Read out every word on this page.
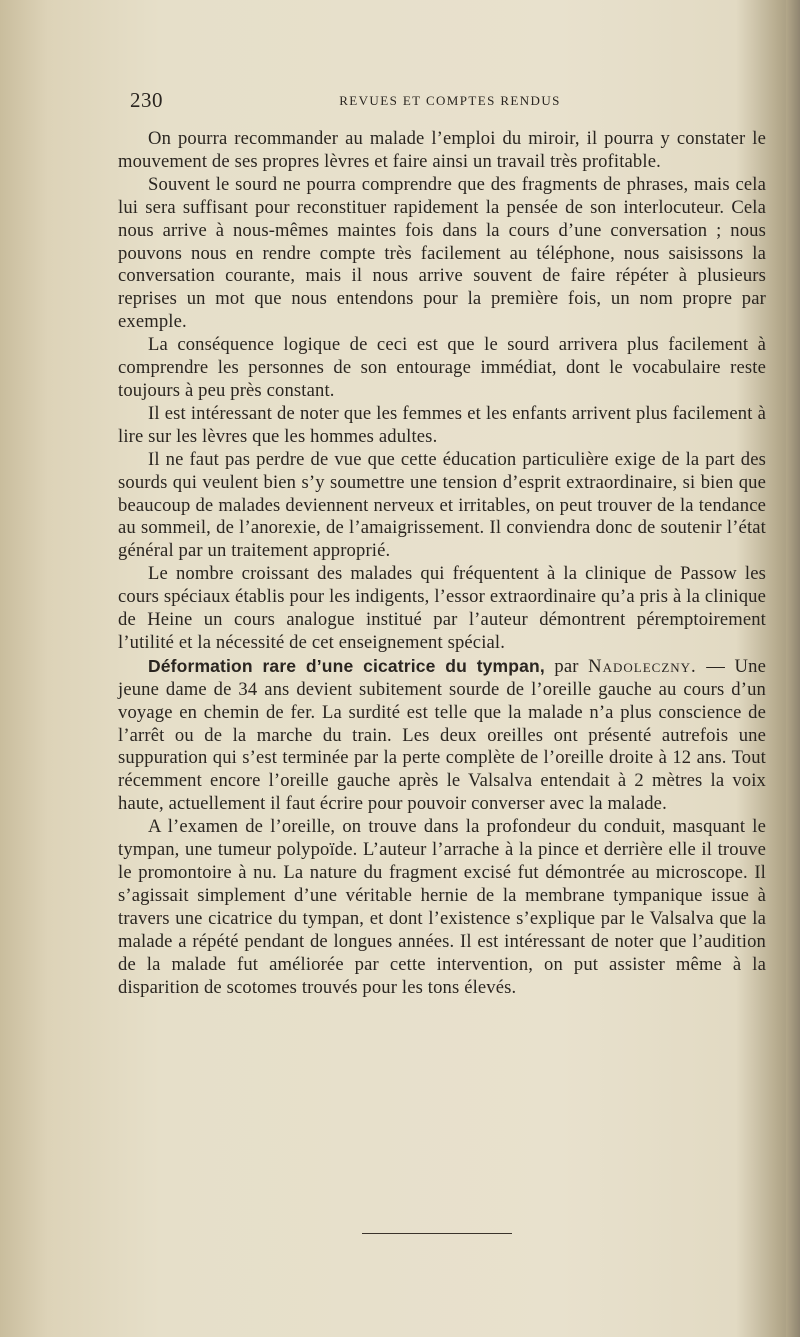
230	REVUES ET COMPTES RENDUS

On pourra recommander au malade l’emploi du miroir, il pourra y constater le mouvement de ses propres lèvres et faire ainsi un travail très profitable.

Souvent le sourd ne pourra comprendre que des fragments de phrases, mais cela lui sera suffisant pour reconstituer rapidement la pensée de son interlocuteur. Cela nous arrive à nous-mêmes maintes fois dans la cours d’une conversation ; nous pouvons nous en rendre compte très facilement au téléphone, nous saisissons la conversation courante, mais il nous arrive souvent de faire répéter à plusieurs reprises un mot que nous entendons pour la première fois, un nom propre par exemple.

La conséquence logique de ceci est que le sourd arrivera plus facilement à comprendre les personnes de son entourage immédiat, dont le vocabulaire reste toujours à peu près constant.

Il est intéressant de noter que les femmes et les enfants arrivent plus facilement à lire sur les lèvres que les hommes adultes.

Il ne faut pas perdre de vue que cette éducation particulière exige de la part des sourds qui veulent bien s’y soumettre une tension d’esprit extraordinaire, si bien que beaucoup de malades deviennent nerveux et irritables, on peut trouver de la tendance au sommeil, de l’anorexie, de l’amaigrissement. Il conviendra donc de soutenir l’état général par un traitement approprié.

Le nombre croissant des malades qui fréquentent à la clinique de Passow les cours spéciaux établis pour les indigents, l’essor extraordinaire qu’a pris à la clinique de Heine un cours analogue institué par l’auteur démontrent péremptoirement l’utilité et la nécessité de cet enseignement spécial.

Déformation rare d’une cicatrice du tympan, par Nadoleczny. — Une jeune dame de 34 ans devient subitement sourde de l’oreille gauche au cours d’un voyage en chemin de fer. La surdité est telle que la malade n’a plus conscience de l’arrêt ou de la marche du train. Les deux oreilles ont présenté autrefois une suppuration qui s’est terminée par la perte complète de l’oreille droite à 12 ans. Tout récemment encore l’oreille gauche après le Valsalva entendait à 2 mètres la voix haute, actuellement il faut écrire pour pouvoir converser avec la malade.

A l’examen de l’oreille, on trouve dans la profondeur du conduit, masquant le tympan, une tumeur polypoïde. L’auteur l’arrache à la pince et derrière elle il trouve le promontoire à nu. La nature du fragment excisé fut démontrée au microscope. Il s’agissait simplement d’une véritable hernie de la membrane tympanique issue à travers une cicatrice du tympan, et dont l’existence s’explique par le Valsalva que la malade a répété pendant de longues années. Il est intéressant de noter que l’audition de la malade fut améliorée par cette intervention, on put assister même à la disparition de scotomes trouvés pour les tons élevés.
